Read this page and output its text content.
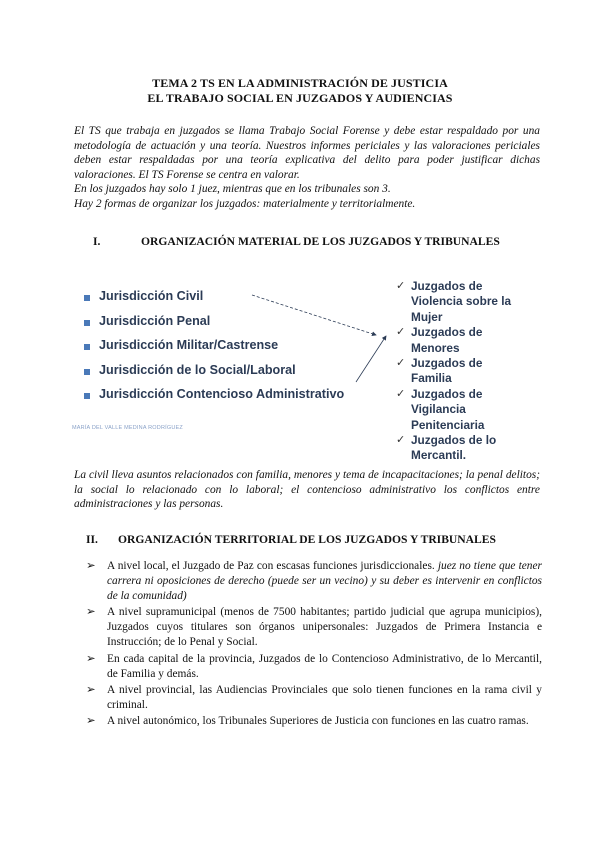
TEMA 2 TS EN LA ADMINISTRACIÓN DE JUSTICIA
EL TRABAJO SOCIAL EN JUZGADOS Y AUDIENCIAS

El TS que trabaja en juzgados se llama Trabajo Social Forense y debe estar respaldado por una metodología de actuación y una teoría. Nuestros informes periciales y las valoraciones periciales deben estar respaldadas por una teoría explicativa del delito para poder justificar dichas valoraciones. El TS Forense se centra en valorar.

En los juzgados hay solo 1 juez, mientras que en los tribunales son 3.

Hay 2 formas de organizar los juzgados: materialmente y territorialmente.

I.	ORGANIZACIÓN MATERIAL DE LOS JUZGADOS Y TRIBUNALES
Jurisdicción Civil
Jurisdicción Penal
Jurisdicción Militar/Castrense
Jurisdicción de lo Social/Laboral
Jurisdicción Contencioso Administrativo
✓ Juzgados de Violencia sobre la Mujer
✓ Juzgados de Menores
✓ Juzgados de Familia
✓ Juzgados de Vigilancia Penitenciaria
✓ Juzgados de lo Mercantil.
MARÍA DEL VALLE MEDINA RODRÍGUEZ
La civil lleva asuntos relacionados con familia, menores y tema de incapacitaciones; la penal delitos; la social lo relacionado con lo laboral; el contencioso administrativo los conflictos entre administraciones y las personas.
II. ORGANIZACIÓN TERRITORIAL DE LOS JUZGADOS Y TRIBUNALES
➢ A nivel local, el Juzgado de Paz con escasas funciones jurisdiccionales. juez no tiene que tener carrera ni oposiciones de derecho (puede ser un vecino) y su deber es intervenir en conflictos de la comunidad)
➢ A nivel supramunicipal (menos de 7500 habitantes; partido judicial que agrupa municipios), Juzgados cuyos titulares son órganos unipersonales: Juzgados de Primera Instancia e Instrucción; de lo Penal y Social.
➢ En cada capital de la provincia, Juzgados de lo Contencioso Administrativo, de lo Mercantil, de Familia y demás.
➢ A nivel provincial, las Audiencias Provinciales que solo tienen funciones en la rama civil y criminal.
➢ A nivel autonómico, los Tribunales Superiores de Justicia con funciones en las cuatro ramas.
